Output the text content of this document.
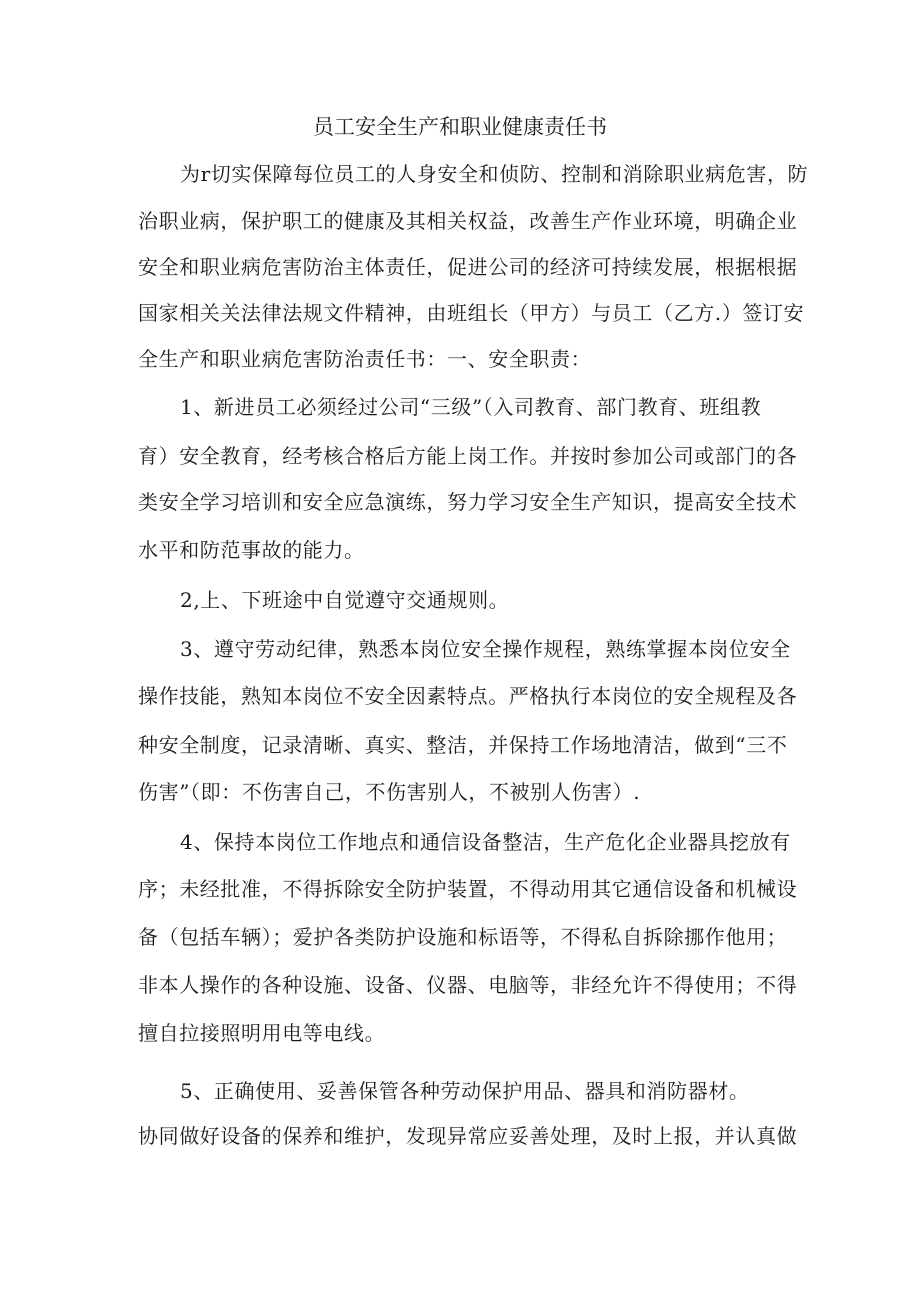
员工安全生产和职业健康责任书
为r切实保障每位员工的人身安全和侦防、控制和消除职业病危害，防
治职业病，保护职工的健康及其相关权益，改善生产作业环境，明确企业
安全和职业病危害防治主体责任，促进公司的经济可持续发展，根据根据
国家相关关法律法规文件精神，由班组长（甲方）与员工（乙方.）签订安
全生产和职业病危害防治责任书：一、安全职责：
1、新进员工必须经过公司“三级”（入司教育、部门教育、班组教
育）安全教育，经考核合格后方能上岗工作。并按时参加公司或部门的各
类安全学习培训和安全应急演练，努力学习安全生产知识，提高安全技术
水平和防范事故的能力。
2,上、下班途中自觉遵守交通规则。
3、遵守劳动纪律，熟悉本岗位安全操作规程，熟练掌握本岗位安全
操作技能，熟知本岗位不安全因素特点。严格执行本岗位的安全规程及各
种安全制度，记录清晰、真实、整洁，并保持工作场地清洁，做到“三不
伤害”（即：不伤害自己，不伤害别人，不被别人伤害）.
4、保持本岗位工作地点和通信设备整洁，生产危化企业器具挖放有
序；未经批准，不得拆除安全防护装置，不得动用其它通信设备和机械设
备（包括车辆）；爱护各类防护设施和标语等，不得私自拆除挪作他用；
非本人操作的各种设施、设备、仪器、电脑等，非经允许不得使用；不得
擅自拉接照明用电等电线。
5、正确使用、妥善保管各种劳动保护用品、器具和消防器材。
协同做好设备的保养和维护，发现异常应妥善处理，及时上报，并认真做
